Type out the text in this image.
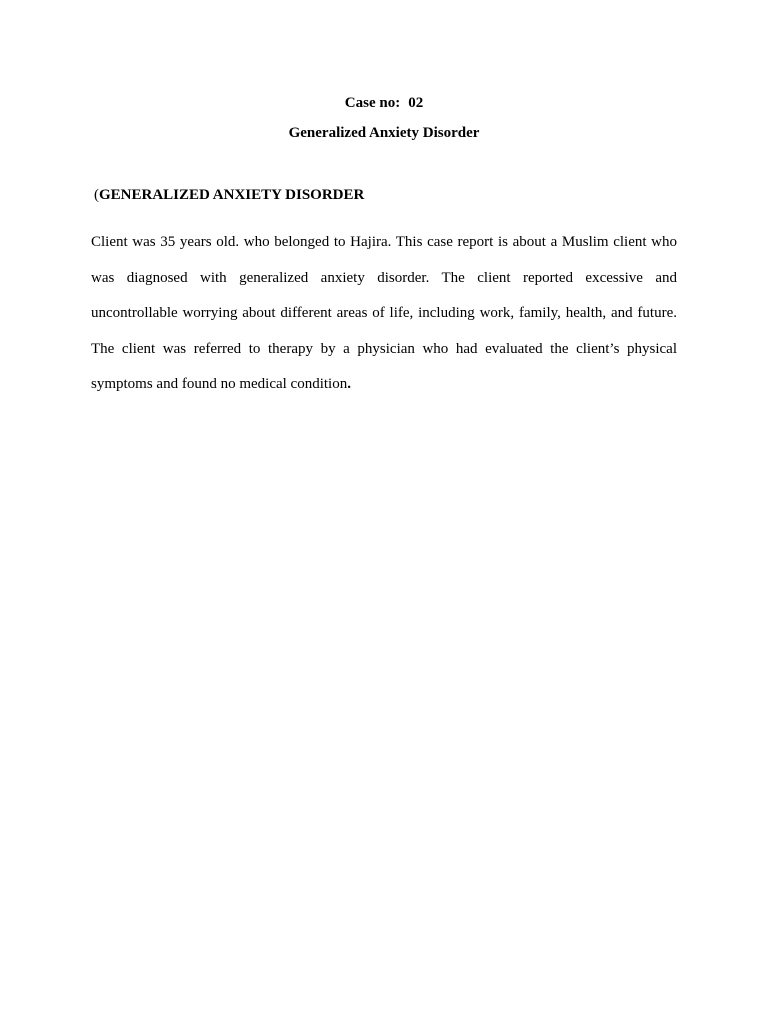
Case no: 02
Generalized Anxiety Disorder
(GENERALIZED ANXIETY DISORDER

Client was 35 years old. who belonged to Hajira. This case report is about a Muslim client who was diagnosed with generalized anxiety disorder. The client reported excessive and uncontrollable worrying about different areas of life, including work, family, health, and future. The client was referred to therapy by a physician who had evaluated the client’s physical symptoms and found no medical condition.
